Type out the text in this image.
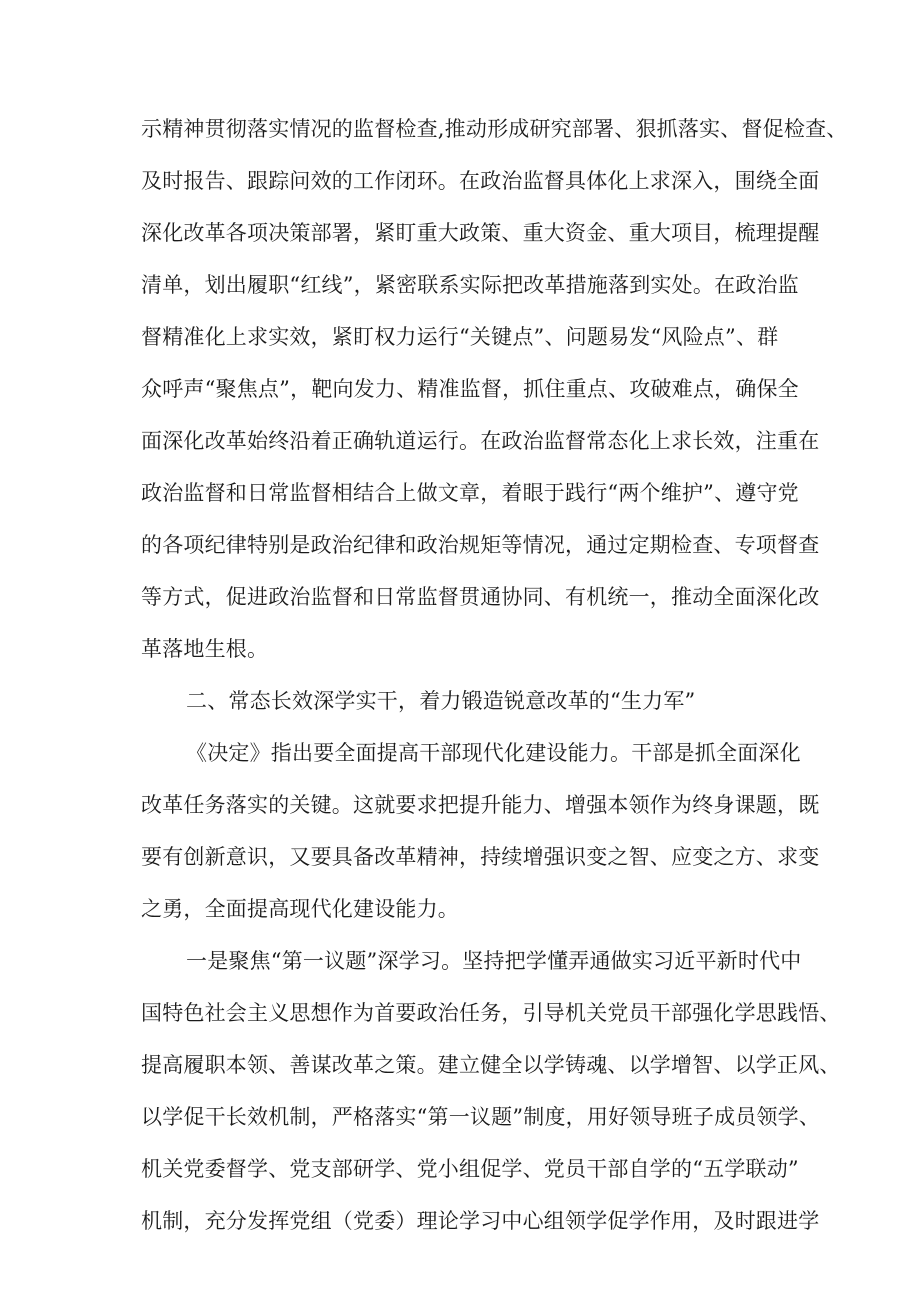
示精神贯彻落实情况的监督检查,推动形成研究部署、狠抓落实、督促检查、
及时报告、跟踪问效的工作闭环。在政治监督具体化上求深入，围绕全面
深化改革各项决策部署，紧盯重大政策、重大资金、重大项目，梳理提醒
清单，划出履职“红线”，紧密联系实际把改革措施落到实处。在政治监
督精准化上求实效，紧盯权力运行“关键点”、问题易发“风险点”、群
众呼声“聚焦点”，靶向发力、精准监督，抓住重点、攻破难点，确保全
面深化改革始终沿着正确轨道运行。在政治监督常态化上求长效，注重在
政治监督和日常监督相结合上做文章，着眼于践行“两个维护”、遵守党
的各项纪律特别是政治纪律和政治规矩等情况，通过定期检查、专项督查
等方式，促进政治监督和日常监督贯通协同、有机统一，推动全面深化改
革落地生根。
二、常态长效深学实干，着力锻造锐意改革的“生力军”
《决定》指出要全面提高干部现代化建设能力。干部是抓全面深化
改革任务落实的关键。这就要求把提升能力、增强本领作为终身课题，既
要有创新意识，又要具备改革精神，持续增强识变之智、应变之方、求变
之勇，全面提高现代化建设能力。
一是聚焦“第一议题”深学习。坚持把学懂弄通做实习近平新时代中
国特色社会主义思想作为首要政治任务，引导机关党员干部强化学思践悟、
提高履职本领、善谋改革之策。建立健全以学铸魂、以学增智、以学正风、
以学促干长效机制，严格落实“第一议题”制度，用好领导班子成员领学、
机关党委督学、党支部研学、党小组促学、党员干部自学的“五学联动”
机制，充分发挥党组（党委）理论学习中心组领学促学作用，及时跟进学
